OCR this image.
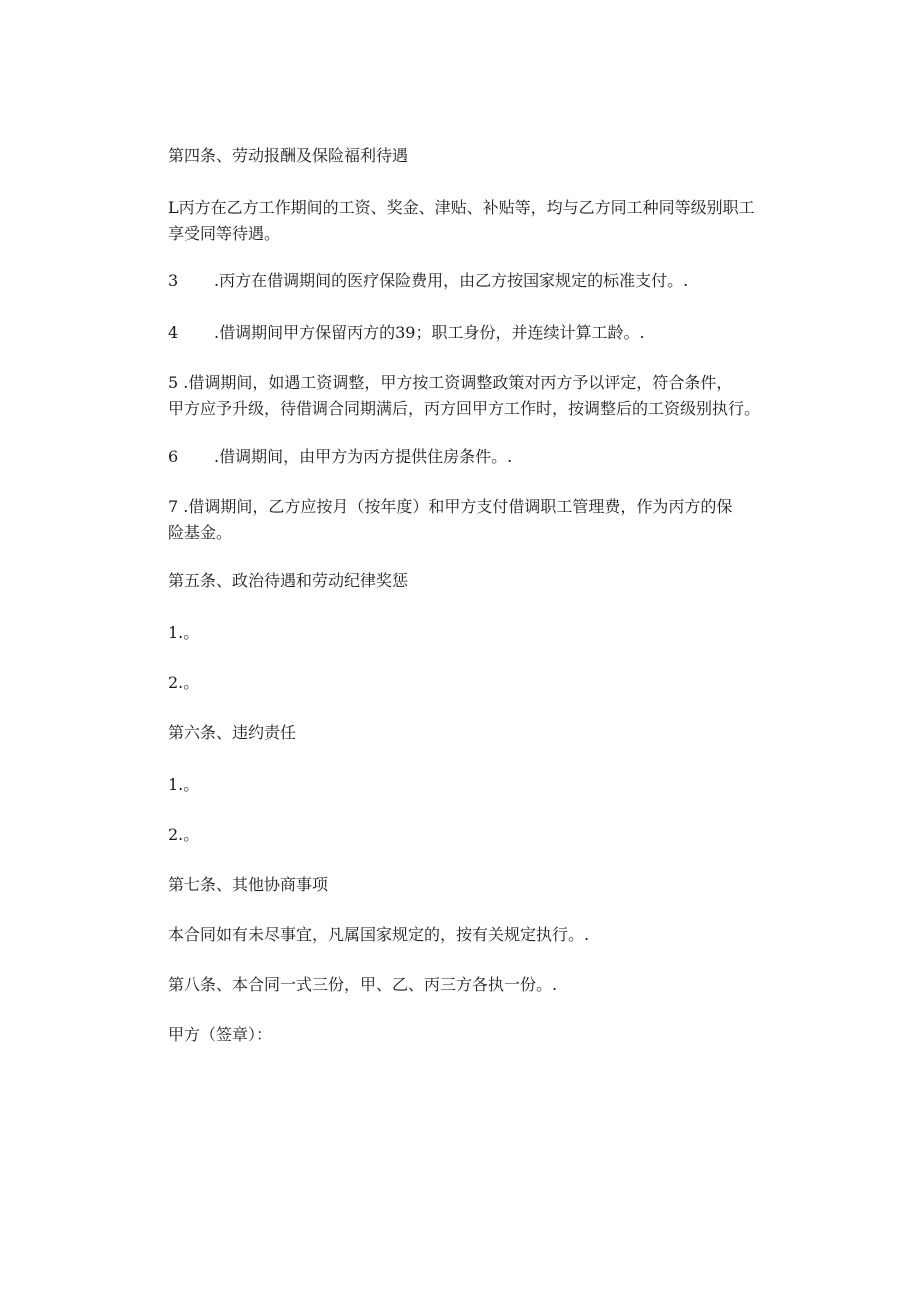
第四条、劳动报酬及保险福利待遇
L丙方在乙方工作期间的工资、奖金、津贴、补贴等，均与乙方同工种同等级别职工
享受同等待遇。
3 .丙方在借调期间的医疗保险费用，由乙方按国家规定的标准支付。.
4 .借调期间甲方保留丙方的39；职工身份，并连续计算工龄。.
5 .借调期间，如遇工资调整，甲方按工资调整政策对丙方予以评定，符合条件，
甲方应予升级，待借调合同期满后，丙方回甲方工作时，按调整后的工资级别执行。
6 .借调期间，由甲方为丙方提供住房条件。.
7 .借调期间，乙方应按月（按年度）和甲方支付借调职工管理费，作为丙方的保
险基金。
第五条、政治待遇和劳动纪律奖惩
1.。
2.。
第六条、违约责任
1.。
2.。
第七条、其他协商事项
本合同如有未尽事宜，凡属国家规定的，按有关规定执行。.
第八条、本合同一式三份，甲、乙、丙三方各执一份。.
甲方（签章）：
